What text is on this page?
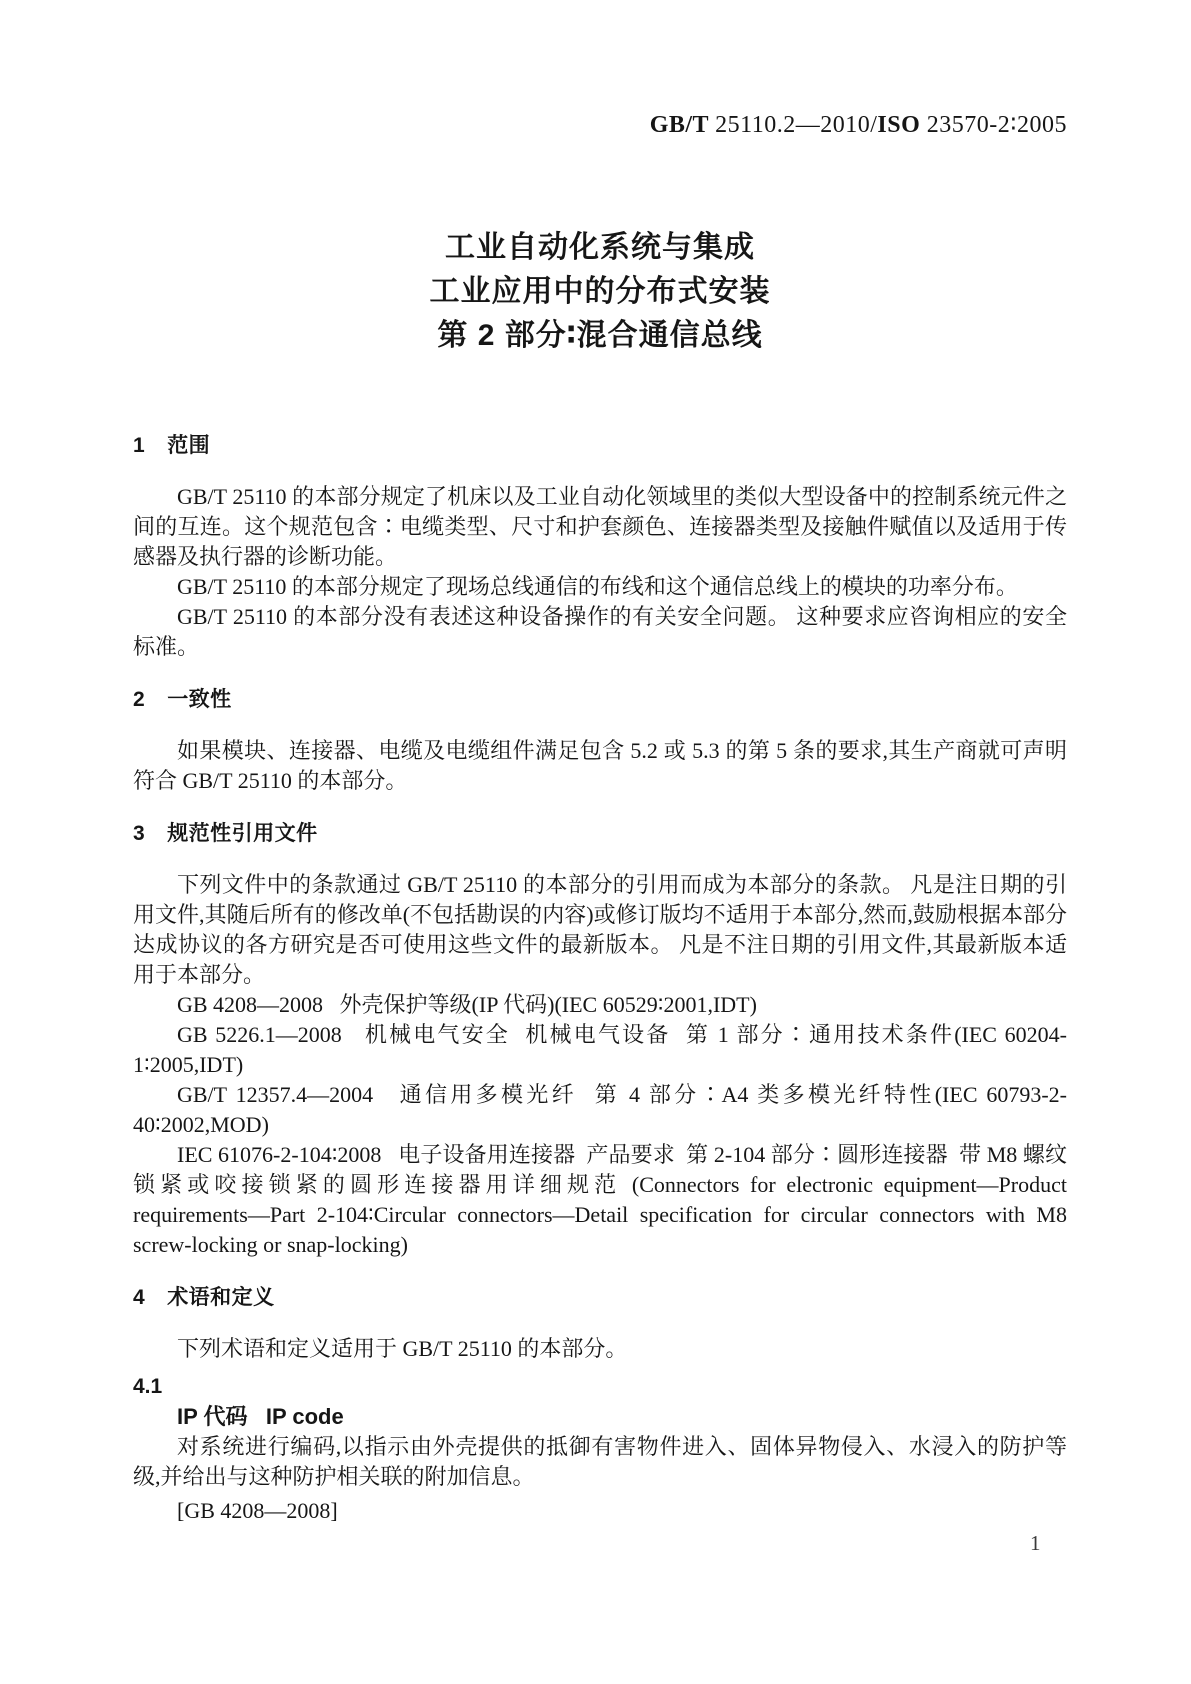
GB/T 25110.2—2010/ISO 23570-2∶2005
工业自动化系统与集成
工业应用中的分布式安装
第 2 部分∶混合通信总线
1 范围

GB/T 25110 的本部分规定了机床以及工业自动化领域里的类似大型设备中的控制系统元件之间的互连。这个规范包含∶电缆类型、尺寸和护套颜色、连接器类型及接触件赋值以及适用于传感器及执行器的诊断功能。

GB/T 25110 的本部分规定了现场总线通信的布线和这个通信总线上的模块的功率分布。

GB/T 25110 的本部分没有表述这种设备操作的有关安全问题。 这种要求应咨询相应的安全标准。

2 一致性

如果模块、连接器、电缆及电缆组件满足包含 5.2 或 5.3 的第 5 条的要求,其生产商就可声明符合 GB/T 25110 的本部分。

3 规范性引用文件

下列文件中的条款通过 GB/T 25110 的本部分的引用而成为本部分的条款。 凡是注日期的引用文件,其随后所有的修改单(不包括勘误的内容)或修订版均不适用于本部分,然而,鼓励根据本部分达成协议的各方研究是否可使用这些文件的最新版本。 凡是不注日期的引用文件,其最新版本适用于本部分。

GB 4208—2008   外壳保护等级(IP 代码)(IEC 60529∶2001,IDT)

GB 5226.1—2008   机械电气安全  机械电气设备  第 1 部分∶通用技术条件(IEC 60204-1∶2005,IDT)

GB/T 12357.4—2004   通信用多模光纤  第 4 部分∶A4 类多模光纤特性(IEC 60793-2-40∶2002,MOD)

IEC 61076-2-104∶2008   电子设备用连接器  产品要求  第 2-104 部分∶圆形连接器  带 M8 螺纹锁紧或咬接锁紧的圆形连接器用详细规范 (Connectors for electronic equipment—Product requirements—Part 2-104∶Circular connectors—Detail specification for circular connectors with M8 screw-locking or snap-locking)

4 术语和定义

下列术语和定义适用于 GB/T 25110 的本部分。

4.1

IP 代码   IP code

对系统进行编码,以指示由外壳提供的抵御有害物件进入、固体异物侵入、水浸入的防护等级,并给出与这种防护相关联的附加信息。

[GB 4208—2008]

1
